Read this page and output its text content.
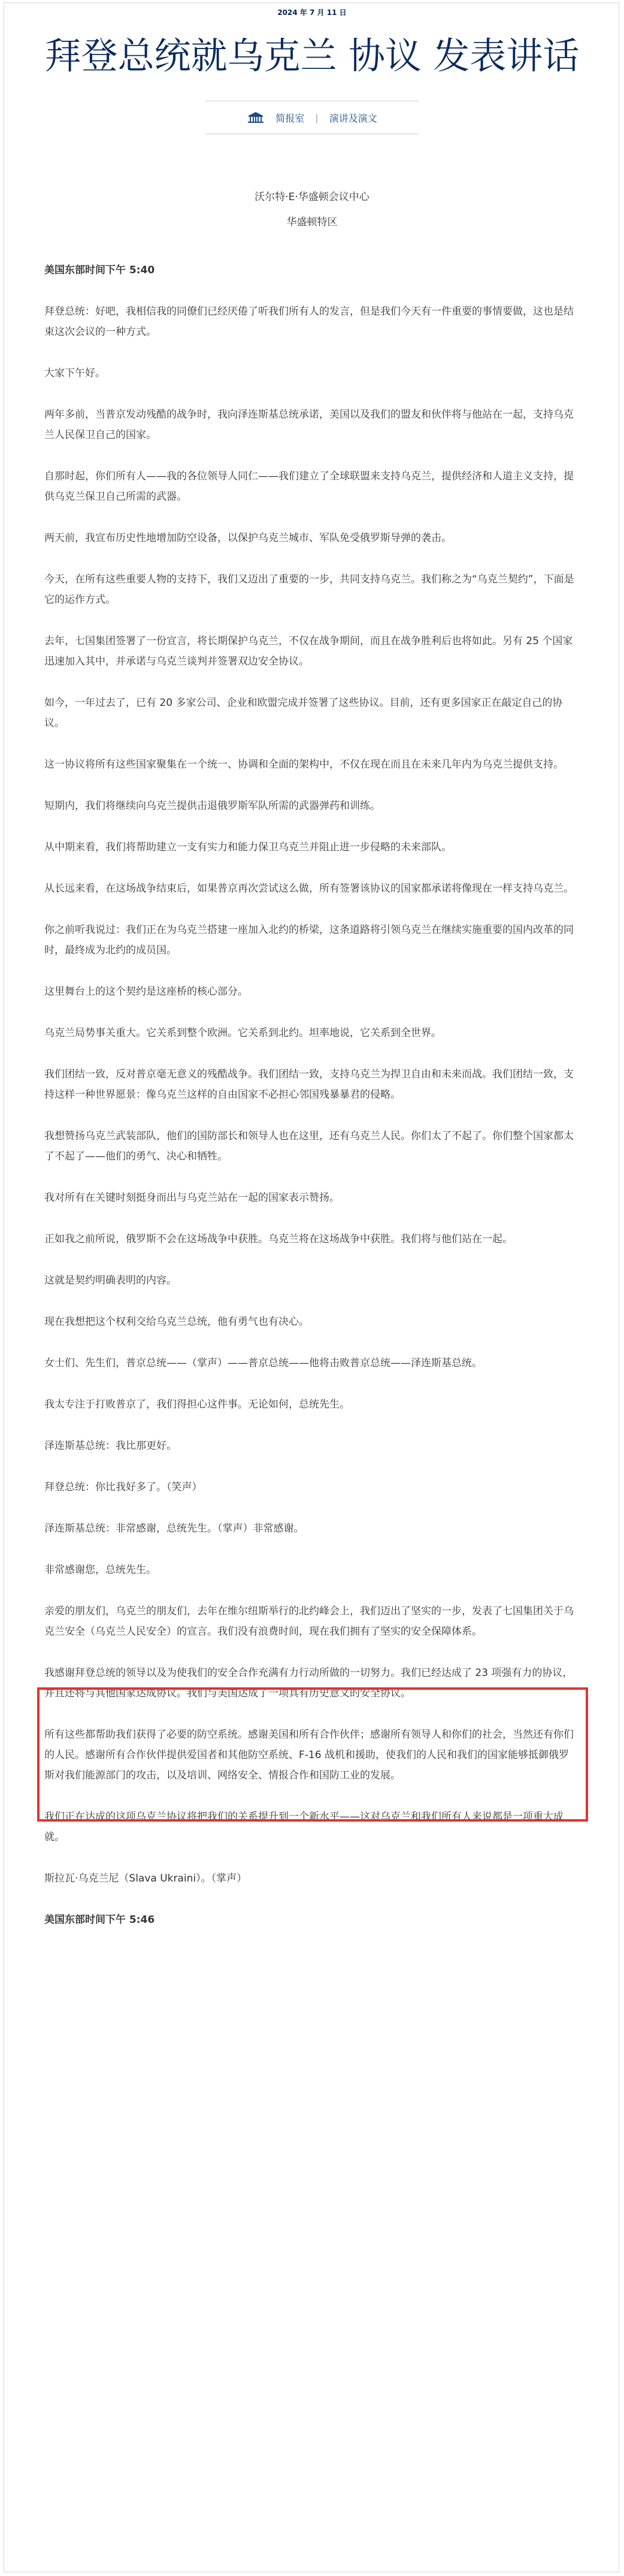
2024 年 7 月 11 日
拜登总统就乌克兰 协议 发表讲话
简报室 | 演讲及演文
沃尔特·E·华盛顿会议中心
华盛顿特区

美国东部时间下午 5:40

拜登总统：好吧，我相信我的同僚们已经厌倦了听我们所有人的发言，但是我们今天有一件重要的事情要做，这也是结束这次会议的一种方式。

大家下午好。

两年多前，当普京发动残酷的战争时，我向泽连斯基总统承诺，美国以及我们的盟友和伙伴将与他站在一起，支持乌克兰人民保卫自己的国家。

自那时起，你们所有人——我的各位领导人同仁——我们建立了全球联盟来支持乌克兰，提供经济和人道主义支持，提供乌克兰保卫自己所需的武器。

两天前，我宣布历史性地增加防空设备，以保护乌克兰城市、军队免受俄罗斯导弹的袭击。

今天，在所有这些重要人物的支持下，我们又迈出了重要的一步，共同支持乌克兰。我们称之为“乌克兰契约”，下面是它的运作方式。

去年，七国集团签署了一份宣言，将长期保护乌克兰，不仅在战争期间，而且在战争胜利后也将如此。另有 25 个国家迅速加入其中，并承诺与乌克兰谈判并签署双边安全协议。

如今，一年过去了，已有 20 多家公司、企业和欧盟完成并签署了这些协议。目前，还有更多国家正在敲定自己的协议。

这一协议将所有这些国家聚集在一个统一、协调和全面的架构中，不仅在现在而且在未来几年内为乌克兰提供支持。

短期内，我们将继续向乌克兰提供击退俄罗斯军队所需的武器弹药和训练。

从中期来看，我们将帮助建立一支有实力和能力保卫乌克兰并阻止进一步侵略的未来部队。

从长远来看，在这场战争结束后，如果普京再次尝试这么做，所有签署该协议的国家都承诺将像现在一样支持乌克兰。

你之前听我说过：我们正在为乌克兰搭建一座加入北约的桥梁，这条道路将引领乌克兰在继续实施重要的国内改革的同时，最终成为北约的成员国。

这里舞台上的这个契约是这座桥的核心部分。

乌克兰局势事关重大。它关系到整个欧洲。它关系到北约。坦率地说，它关系到全世界。

我们团结一致，反对普京毫无意义的残酷战争。我们团结一致，支持乌克兰为捍卫自由和未来而战。我们团结一致，支持这样一种世界愿景：像乌克兰这样的自由国家不必担心邻国残暴暴君的侵略。

我想赞扬乌克兰武装部队，他们的国防部长和领导人也在这里，还有乌克兰人民。你们太了不起了。你们整个国家都太了不起了——他们的勇气、决心和牺牲。

我对所有在关键时刻挺身而出与乌克兰站在一起的国家表示赞扬。

正如我之前所说，俄罗斯不会在这场战争中获胜。乌克兰将在这场战争中获胜。我们将与他们站在一起。

这就是契约明确表明的内容。

现在我想把这个权利交给乌克兰总统，他有勇气也有决心。

女士们、先生们，普京总统——（掌声）——普京总统——他将击败普京总统——泽连斯基总统。

我太专注于打败普京了，我们得担心这件事。无论如何，总统先生。

泽连斯基总统：我比那更好。

拜登总统：你比我好多了。（笑声）

泽连斯基总统：非常感谢，总统先生。（掌声）非常感谢。

非常感谢您，总统先生。

亲爱的朋友们，乌克兰的朋友们，去年在维尔纽斯举行的北约峰会上，我们迈出了坚实的一步，发表了七国集团关于乌克兰安全（乌克兰人民安全）的宣言。我们没有浪费时间，现在我们拥有了坚实的安全保障体系。

我感谢拜登总统的领导以及为使我们的安全合作充满有力行动所做的一切努力。我们已经达成了 23 项强有力的协议，并且还将与其他国家达成协议。我们与美国达成了一项具有历史意义的安全协议。

所有这些都帮助我们获得了必要的防空系统。感谢美国和所有合作伙伴；感谢所有领导人和你们的社会，当然还有你们的人民。感谢所有合作伙伴提供爱国者和其他防空系统、F-16 战机和援助，使我们的人民和我们的国家能够抵御俄罗斯对我们能源部门的攻击，以及培训、网络安全、情报合作和国防工业的发展。

我们正在达成的这项乌克兰协议将把我们的关系提升到一个新水平——这对乌克兰和我们所有人来说都是一项重大成就。

斯拉瓦·乌克兰尼（Slava Ukraini）。（掌声）

美国东部时间下午 5:46
